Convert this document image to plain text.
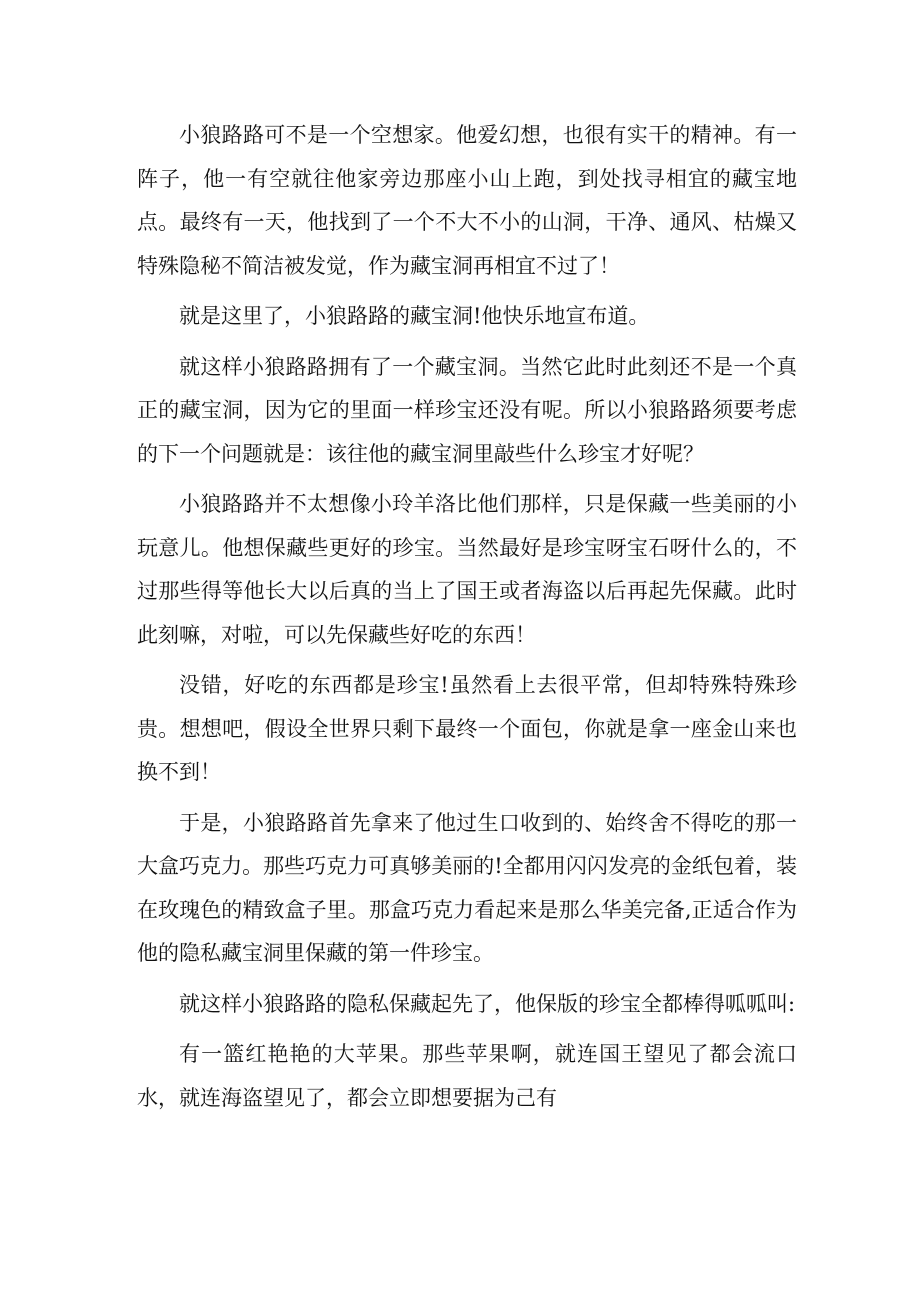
小狼路路可不是一个空想家。他爱幻想，也很有实干的精神。有一阵子，他一有空就往他家旁边那座小山上跑，到处找寻相宜的藏宝地点。最终有一天，他找到了一个不大不小的山洞，干净、通风、枯燥又特殊隐秘不简洁被发觉，作为藏宝洞再相宜不过了！

就是这里了，小狼路路的藏宝洞!他快乐地宣布道。

就这样小狼路路拥有了一个藏宝洞。当然它此时此刻还不是一个真正的藏宝洞，因为它的里面一样珍宝还没有呢。所以小狼路路须要考虑的下一个问题就是：该往他的藏宝洞里敲些什么珍宝才好呢？

小狼路路并不太想像小玲羊洛比他们那样，只是保藏一些美丽的小玩意儿。他想保藏些更好的珍宝。当然最好是珍宝呀宝石呀什么的，不过那些得等他长大以后真的当上了国王或者海盗以后再起先保藏。此时此刻嘛，对啦，可以先保藏些好吃的东西！

没错，好吃的东西都是珍宝!虽然看上去很平常，但却特殊特殊珍贵。想想吧，假设全世界只剩下最终一个面包，你就是拿一座金山来也换不到！

于是，小狼路路首先拿来了他过生口收到的、始终舍不得吃的那一大盒巧克力。那些巧克力可真够美丽的!全都用闪闪发亮的金纸包着，装在玫瑰色的精致盒子里。那盒巧克力看起来是那么华美完备,正适合作为他的隐私藏宝洞里保藏的第一件珍宝。

就这样小狼路路的隐私保藏起先了，他保版的珍宝全都棒得呱呱叫:

有一篮红艳艳的大苹果。那些苹果啊，就连国王望见了都会流口水，就连海盗望见了，都会立即想要据为己有
